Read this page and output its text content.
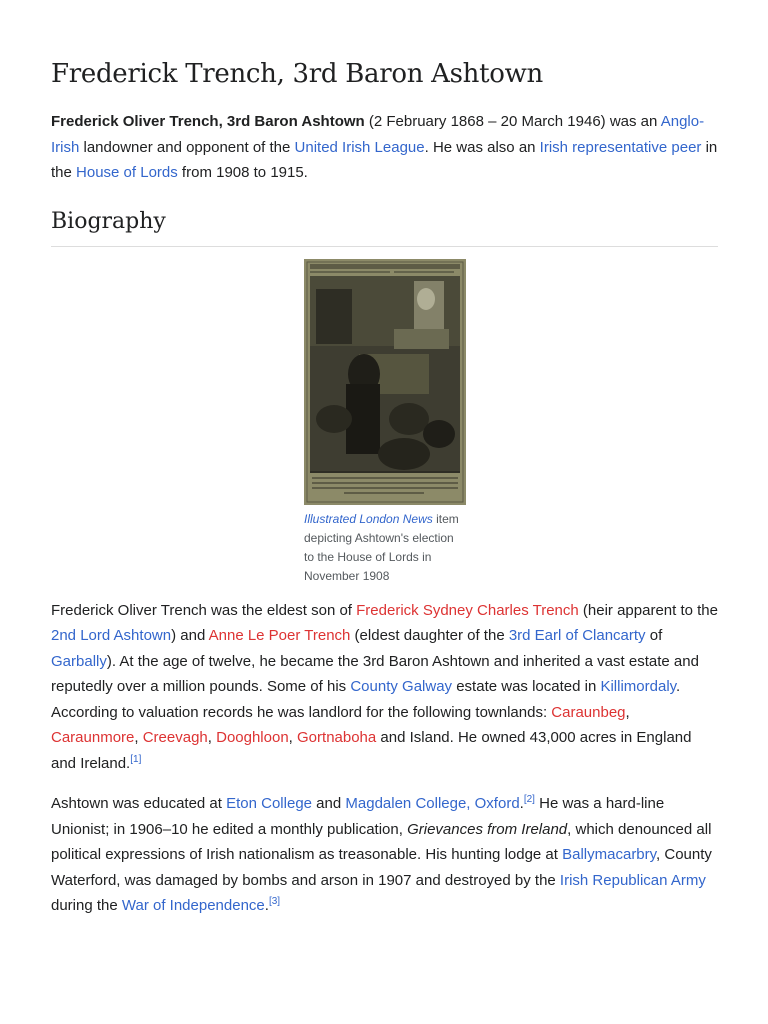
Frederick Trench, 3rd Baron Ashtown

Frederick Oliver Trench, 3rd Baron Ashtown (2 February 1868 – 20 March 1946) was an Anglo-Irish landowner and opponent of the United Irish League. He was also an Irish representative peer in the House of Lords from 1908 to 1915.

Biography
Illustrated London News item depicting Ashtown's election to the House of Lords in November 1908

Frederick Oliver Trench was the eldest son of Frederick Sydney Charles Trench (heir apparent to the 2nd Lord Ashtown) and Anne Le Poer Trench (eldest daughter of the 3rd Earl of Clancarty of Garbally). At the age of twelve, he became the 3rd Baron Ashtown and inherited a vast estate and reputedly over a million pounds. Some of his County Galway estate was located in Killimordaly. According to valuation records he was landlord for the following townlands: Caraunbeg, Caraunmore, Creevagh, Dooghloon, Gortnaboha and Island. He owned 43,000 acres in England and Ireland.[1]

Ashtown was educated at Eton College and Magdalen College, Oxford.[2] He was a hard-line Unionist; in 1906–10 he edited a monthly publication, Grievances from Ireland, which denounced all political expressions of Irish nationalism as treasonable. His hunting lodge at Ballymacarbry, County Waterford, was damaged by bombs and arson in 1907 and destroyed by the Irish Republican Army during the War of Independence.[3]
